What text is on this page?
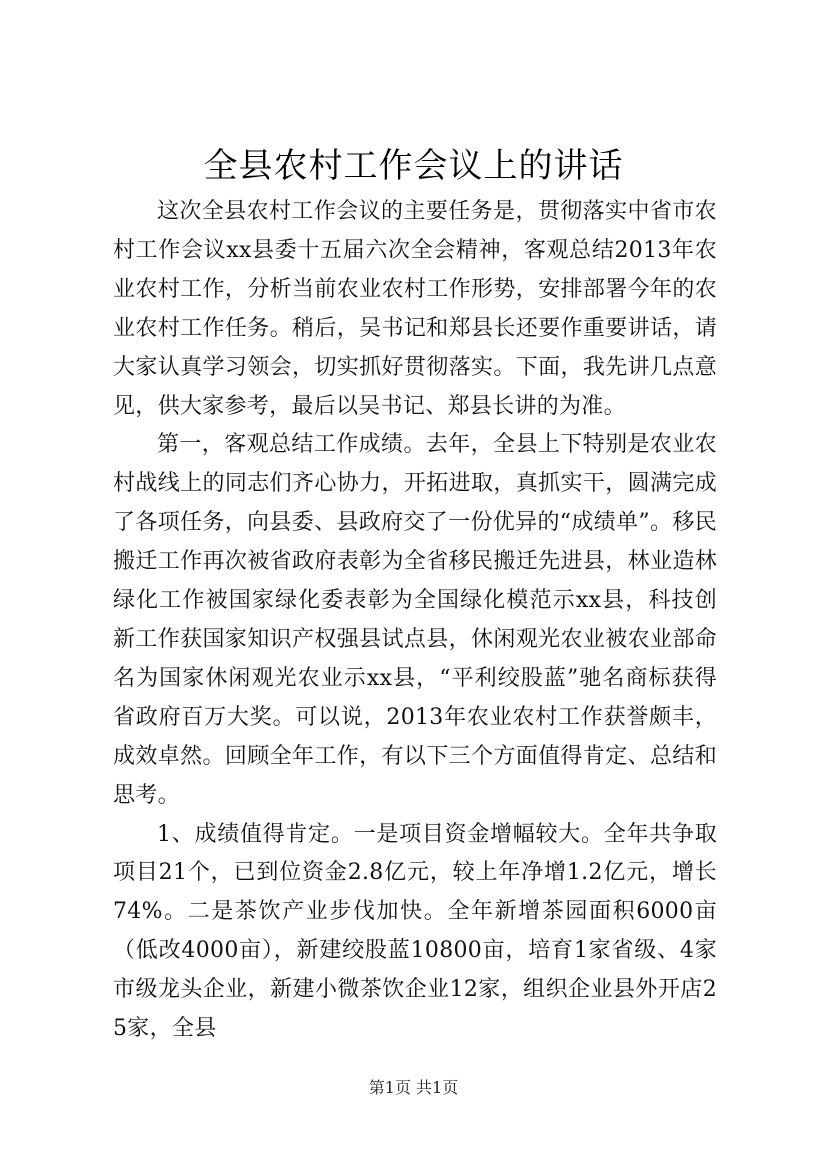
全县农村工作会议上的讲话

这次全县农村工作会议的主要任务是，贯彻落实中省市农村工作会议xx县委十五届六次全会精神，客观总结2013年农业农村工作，分析当前农业农村工作形势，安排部署今年的农业农村工作任务。稍后，吴书记和郑县长还要作重要讲话，请大家认真学习领会，切实抓好贯彻落实。下面，我先讲几点意见，供大家参考，最后以吴书记、郑县长讲的为准。

第一，客观总结工作成绩。去年，全县上下特别是农业农村战线上的同志们齐心协力，开拓进取，真抓实干，圆满完成了各项任务，向县委、县政府交了一份优异的“成绩单”。移民搬迁工作再次被省政府表彰为全省移民搬迁先进县，林业造林绿化工作被国家绿化委表彰为全国绿化模范示xx县，科技创新工作获国家知识产权强县试点县，休闲观光农业被农业部命名为国家休闲观光农业示xx县，“平利绞股蓝”驰名商标获得省政府百万大奖。可以说，2013年农业农村工作获誉颇丰，成效卓然。回顾全年工作，有以下三个方面值得肯定、总结和思考。

1、成绩值得肯定。一是项目资金增幅较大。全年共争取项目21个，已到位资金2.8亿元，较上年净增1.2亿元，增长74%。二是茶饮产业步伐加快。全年新增茶园面积6000亩（低改4000亩），新建绞股蓝10800亩，培育1家省级、4家市级龙头企业，新建小微茶饮企业12家，组织企业县外开店25家，全县

第1页 共1页
